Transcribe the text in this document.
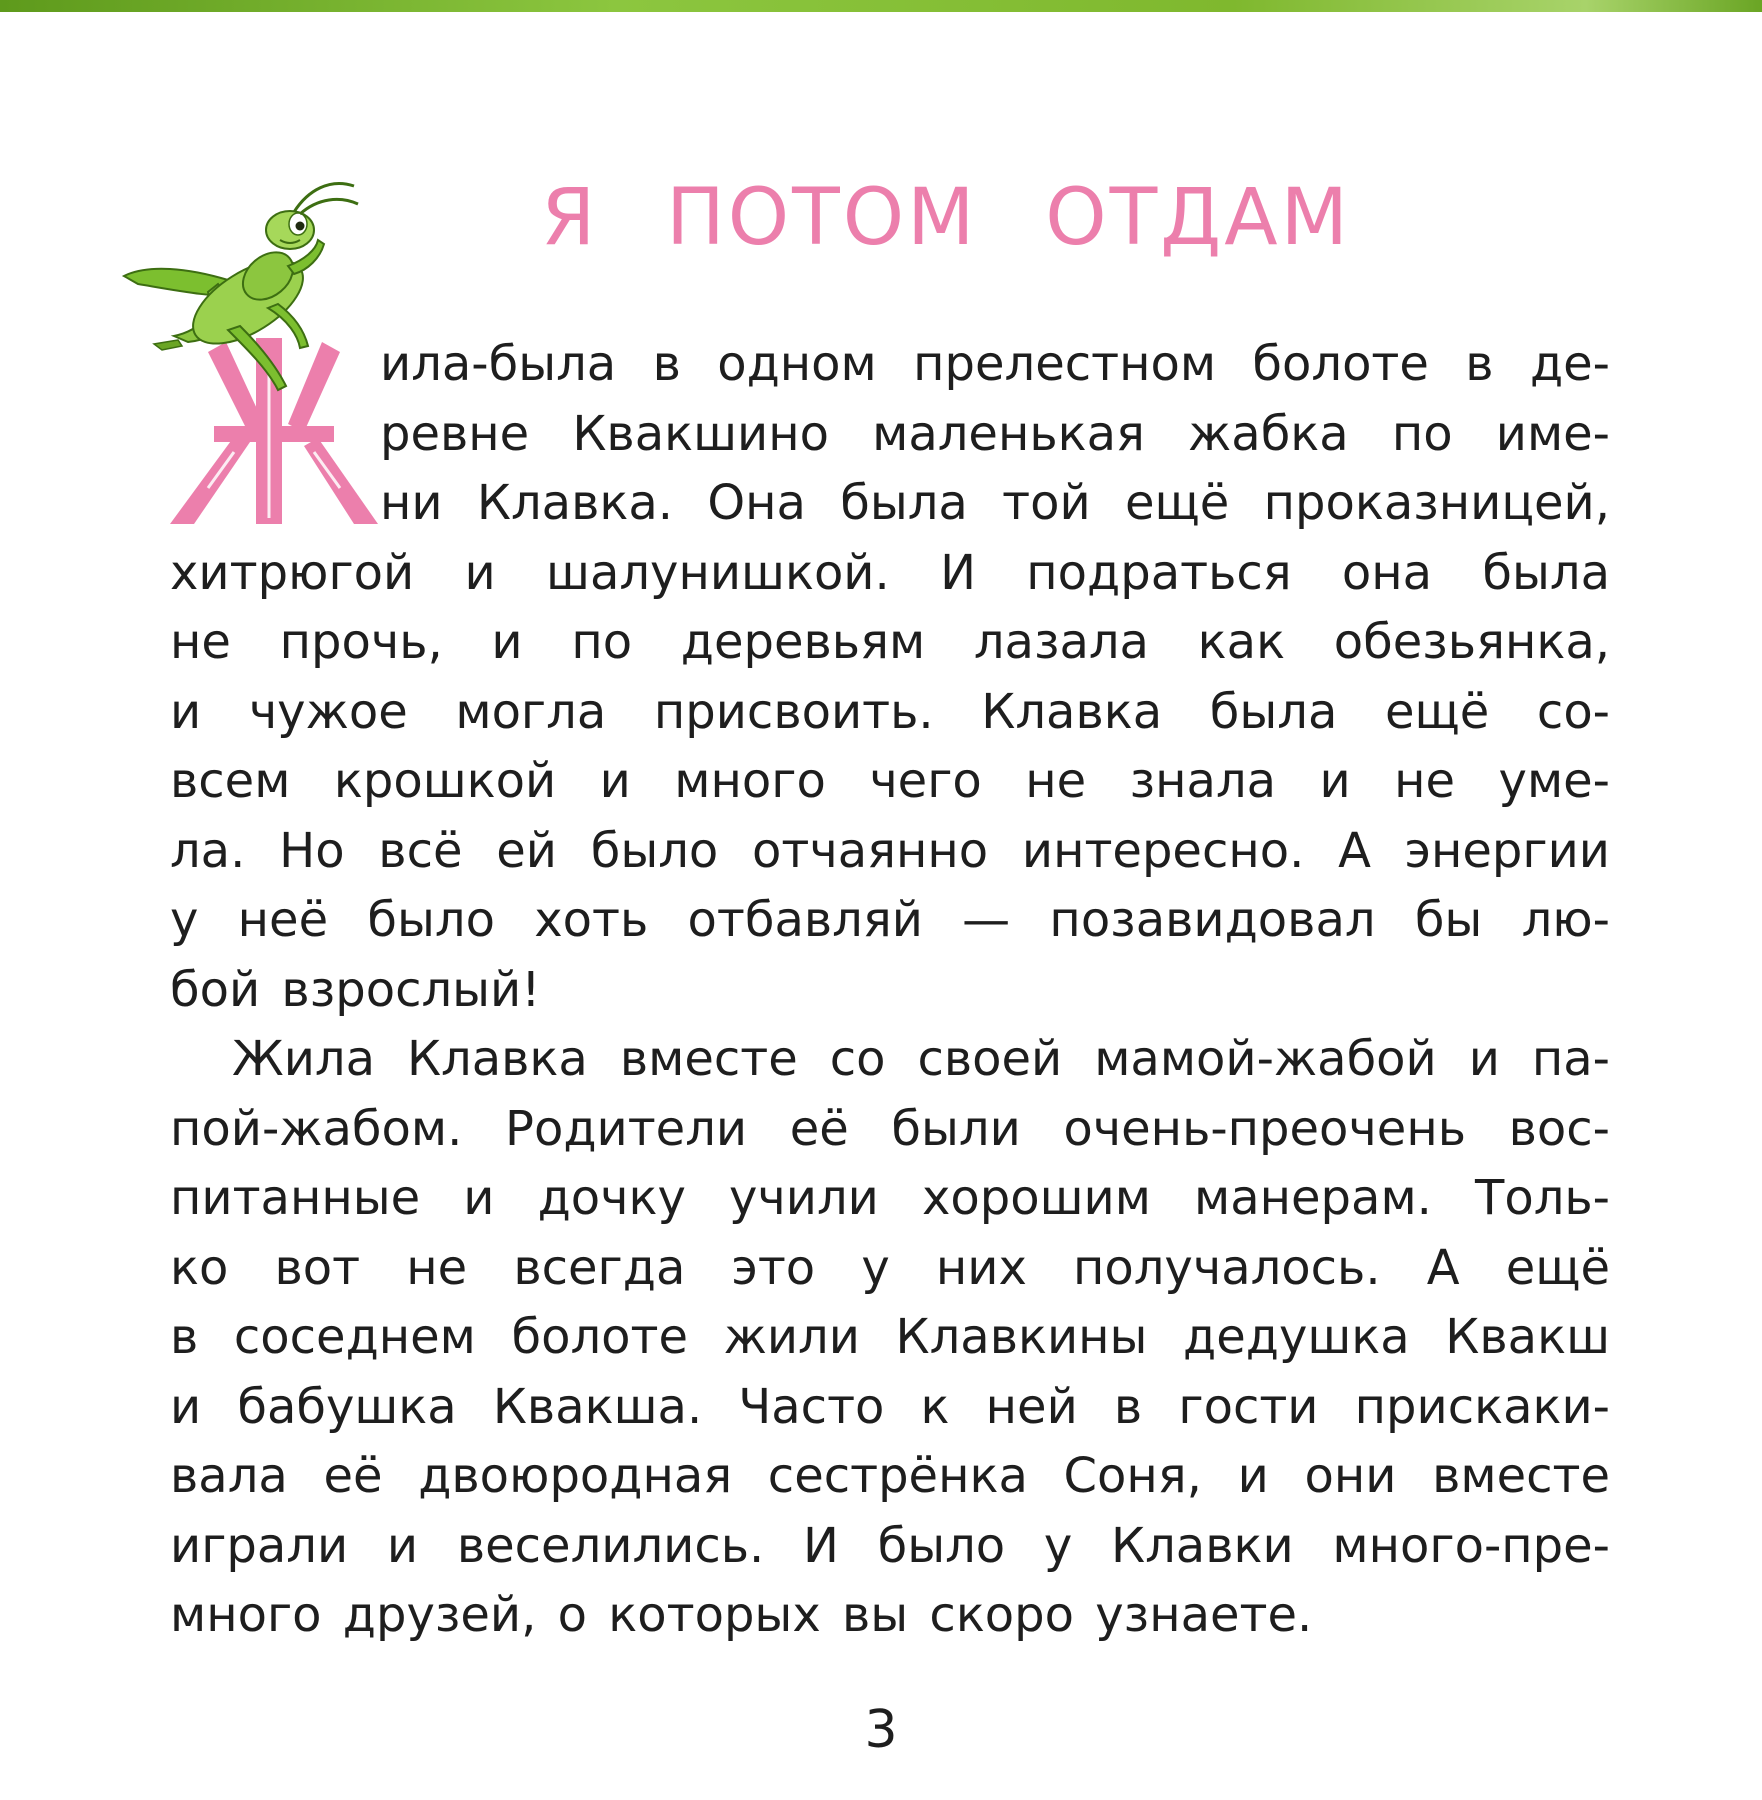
Я ПОТОМ ОТДАМ
ила-была в одном прелестном болоте в де-
ревне Квакшино маленькая жабка по име-
ни Клавка. Она была той ещё проказницей,
хитрюгой и шалунишкой. И подраться она была
не прочь, и по деревьям лазала как обезьянка,
и чужое могла присвоить. Клавка была ещё со-
всем крошкой и много чего не знала и не уме-
ла. Но всё ей было отчаянно интересно. А энергии
у неё было хоть отбавляй — позавидовал бы лю-
бой взрослый!
Жила Клавка вместе со своей мамой-жабой и па-
пой-жабом. Родители её были очень-преочень вос-
питанные и дочку учили хорошим манерам. Толь-
ко вот не всегда это у них получалось. А ещё
в соседнем болоте жили Клавкины дедушка Квакш
и бабушка Квакша. Часто к ней в гости прискаки-
вала её двоюродная сестрёнка Соня, и они вместе
играли и веселились. И было у Клавки много-пре-
много друзей, о которых вы скоро узнаете.
3
